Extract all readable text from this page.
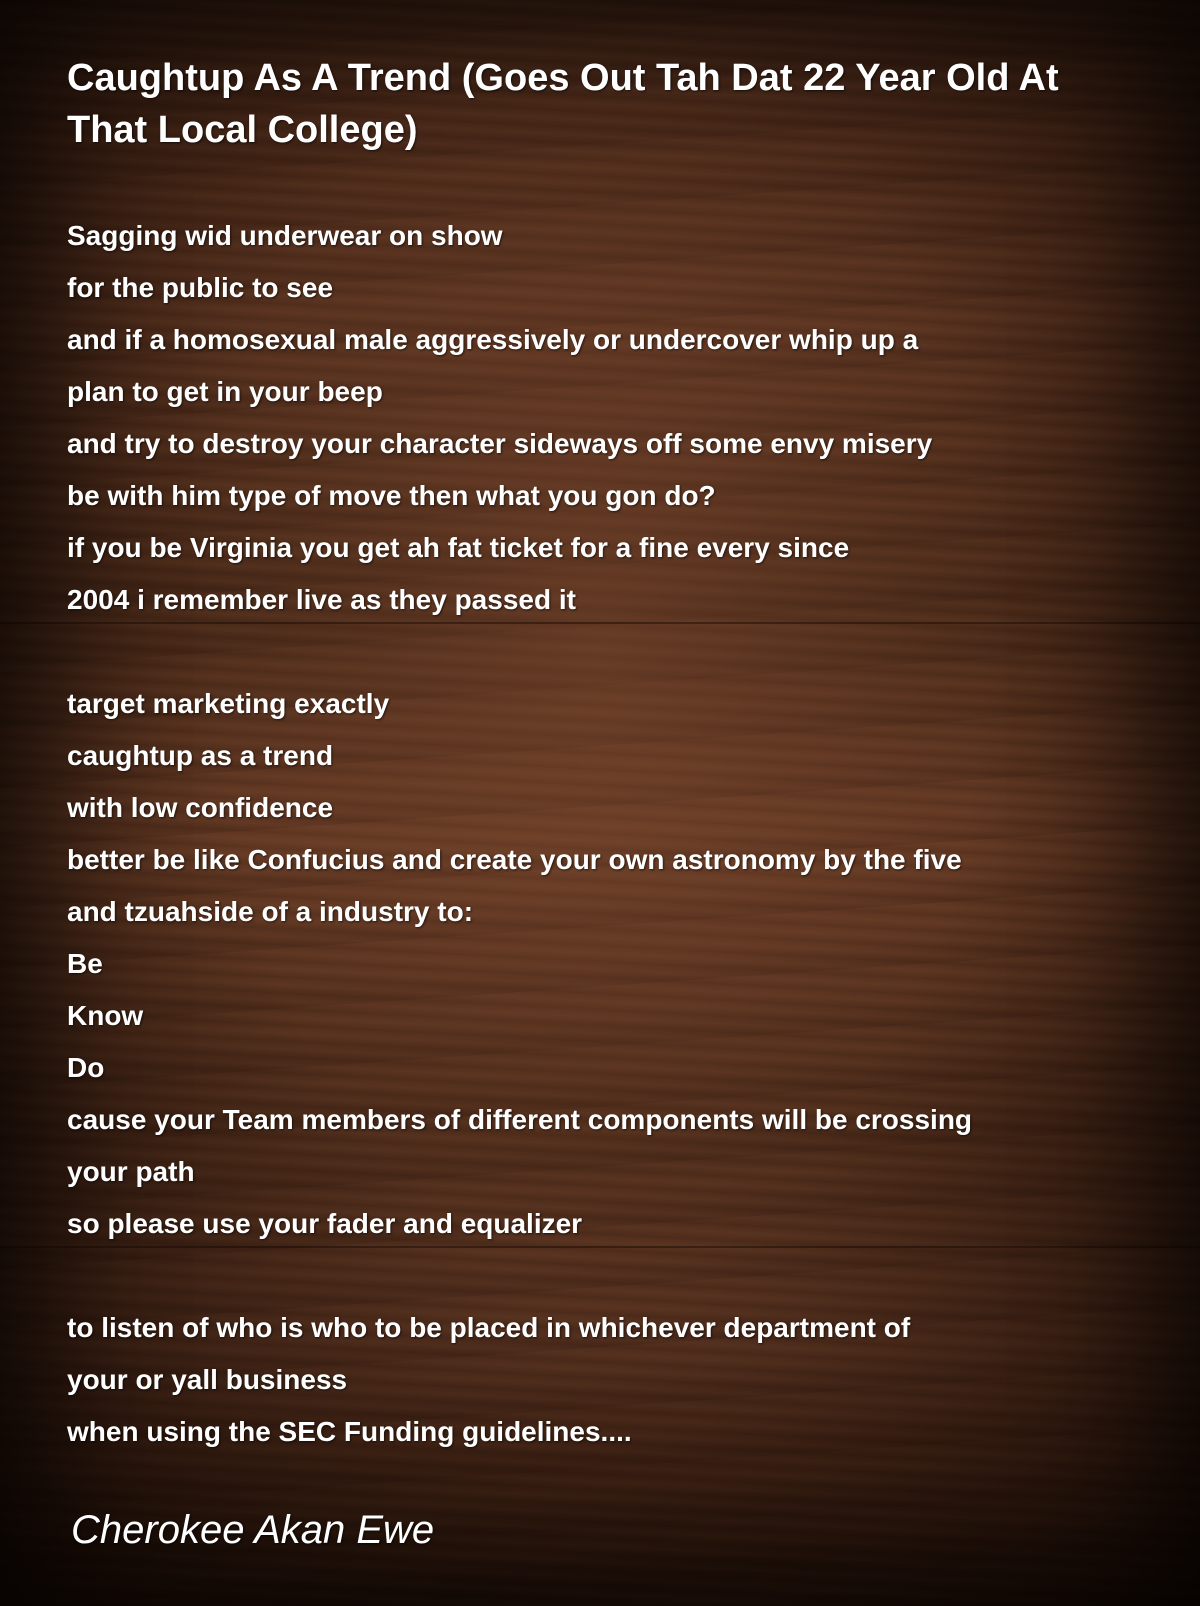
Caughtup As A Trend (Goes Out Tah Dat 22 Year Old At That Local College)
Sagging wid underwear on show
for the public to see
and if a homosexual male aggressively or undercover whip up a
plan to get in your beep
and try to destroy your character sideways off some envy misery
be with him type of move then what you gon do?
if you be Virginia you get ah fat ticket for a fine every since
2004 i remember live as they passed it
target marketing exactly
caughtup as a trend
with low confidence
better be like Confucius and create your own astronomy by the five
and tzuahside of a industry to:
Be
Know
Do
cause your Team members of different components will be crossing
your path
so please use your fader and equalizer
to listen of who is who to be placed in whichever department of
your or yall business
when using the SEC Funding guidelines....
Cherokee Akan Ewe
